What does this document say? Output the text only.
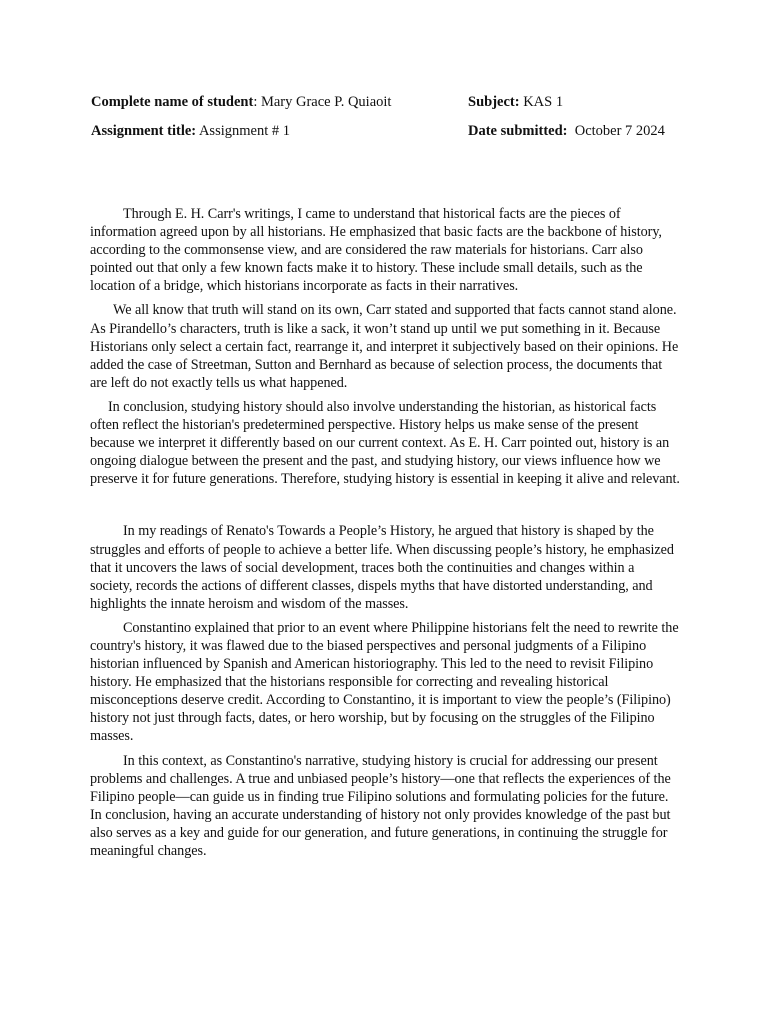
Complete name of student: Mary Grace P. Quiaoit	Subject: KAS 1
Assignment title: Assignment # 1	Date submitted:  October 7 2024

Through E. H. Carr's writings, I came to understand that historical facts are the pieces of information agreed upon by all historians. He emphasized that basic facts are the backbone of history, according to the commonsense view, and are considered the raw materials for historians. Carr also pointed out that only a few known facts make it to history. These include small details, such as the location of a bridge, which historians incorporate as facts in their narratives.

We all know that truth will stand on its own, Carr stated and supported that facts cannot stand alone. As Pirandello’s characters, truth is like a sack, it won’t stand up until we put something in it. Because Historians only select a certain fact, rearrange it, and interpret it subjectively based on their opinions. He added the case of Streetman, Sutton and Bernhard as because of selection process, the documents that are left do not exactly tells us what happened.

In conclusion, studying history should also involve understanding the historian, as historical facts often reflect the historian's predetermined perspective. History helps us make sense of the present because we interpret it differently based on our current context. As E. H. Carr pointed out, history is an ongoing dialogue between the present and the past, and studying history, our views influence how we preserve it for future generations. Therefore, studying history is essential in keeping it alive and relevant.

In my readings of Renato's Towards a People’s History, he argued that history is shaped by the struggles and efforts of people to achieve a better life. When discussing people’s history, he emphasized that it uncovers the laws of social development, traces both the continuities and changes within a society, records the actions of different classes, dispels myths that have distorted understanding, and highlights the innate heroism and wisdom of the masses.

Constantino explained that prior to an event where Philippine historians felt the need to rewrite the country's history, it was flawed due to the biased perspectives and personal judgments of a Filipino historian influenced by Spanish and American historiography. This led to the need to revisit Filipino history. He emphasized that the historians responsible for correcting and revealing historical misconceptions deserve credit. According to Constantino, it is important to view the people’s (Filipino) history not just through facts, dates, or hero worship, but by focusing on the struggles of the Filipino masses.

In this context, as Constantino's narrative, studying history is crucial for addressing our present problems and challenges. A true and unbiased people’s history—one that reflects the experiences of the Filipino people—can guide us in finding true Filipino solutions and formulating policies for the future. In conclusion, having an accurate understanding of history not only provides knowledge of the past but also serves as a key and guide for our generation, and future generations, in continuing the struggle for meaningful changes.
